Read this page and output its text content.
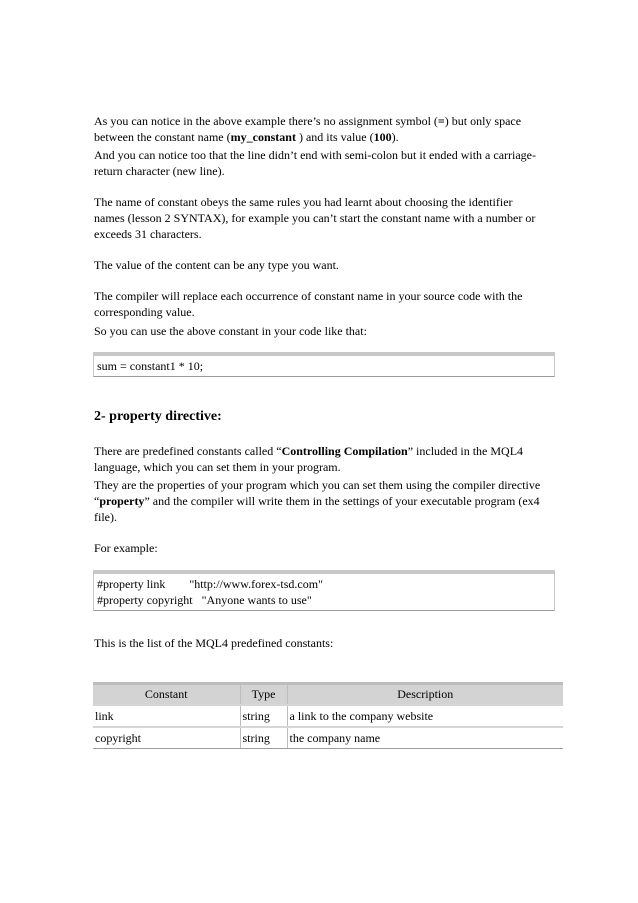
As you can notice in the above example there’s no assignment symbol (=) but only space between the constant name (my_constant ) and its value (100).

And you can notice too that the line didn’t end with semi-colon but it ended with a carriage-return character (new line).

The name of constant obeys the same rules you had learnt about choosing the identifier names (lesson 2 SYNTAX), for example you can’t start the constant name with a number or exceeds 31 characters.

The value of the content can be any type you want.

The compiler will replace each occurrence of constant name in your source code with the corresponding value.

So you can use the above constant in your code like that:

sum = constant1 * 10;
2- property directive:

There are predefined constants called “Controlling Compilation” included in the MQL4 language, which you can set them in your program.

They are the properties of your program which you can set them using the compiler directive “property” and the compiler will write them in the settings of your executable program (ex4 file).

For example:

#property link        "http://www.forex-tsd.com"
#property copyright   "Anyone wants to use"

This is the list of the MQL4 predefined constants:

Constant	Type	Description
link	string	a link to the company website
copyright	string	the company name
